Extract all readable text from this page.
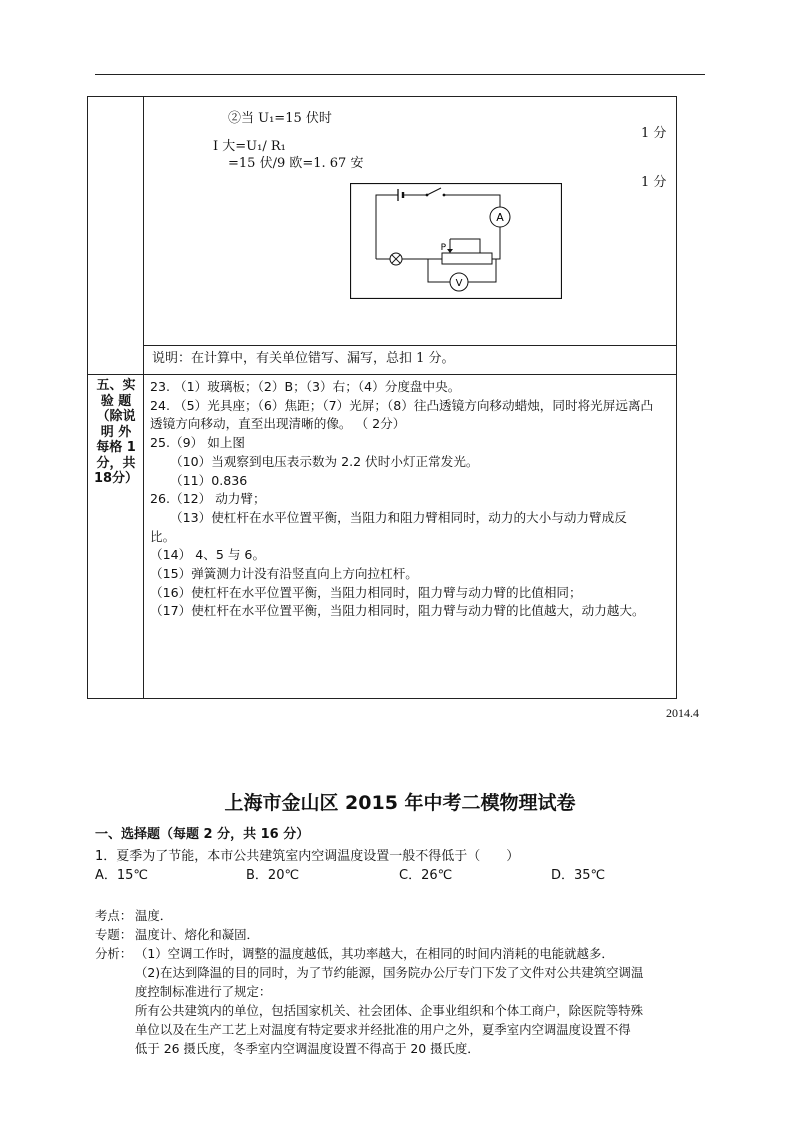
②当 U₁=15 伏时
I 大=U₁/ R₁
=15 伏/9 欧=1. 67 安
1 分
1 分
A
P
V
说明：在计算中，有关单位错写、漏写，总扣 1 分。
五、实
验 题
（除说
明 外
每格 1
分，共
18分）
23. （1）玻璃板；（2）B；（3）右；（4）分度盘中央。
24. （5）光具座；（6）焦距；（7）光屏；（8）往凸透镜方向移动蜡烛，同时将光屏远离凸
透镜方向移动，直至出现清晰的像。 （ 2分）
25.（9） 如上图
（10）当观察到电压表示数为 2.2 伏时小灯正常发光。
（11）0.836
26.（12） 动力臂；
（13）使杠杆在水平位置平衡，当阻力和阻力臂相同时，动力的大小与动力臂成反
比。
（14） 4、5 与 6。
（15）弹簧测力计没有沿竖直向上方向拉杠杆。
（16）使杠杆在水平位置平衡，当阻力相同时，阻力臂与动力臂的比值相同；
（17）使杠杆在水平位置平衡，当阻力相同时，阻力臂与动力臂的比值越大，动力越大。
2014.4
上海市金山区 2015 年中考二模物理试卷
一、选择题（每题 2 分，共 16 分）
1．夏季为了节能，本市公共建筑室内空调温度设置一般不得低于（　　）
A．15℃	B．20℃	C．26℃	D．35℃
考点： 温度．
专题： 温度计、熔化和凝固．
分析： （1）空调工作时，调整的温度越低，其功率越大，在相同的时间内消耗的电能就越多．
（2)在达到降温的目的同时，为了节约能源，国务院办公厅专门下发了文件对公共建筑空调温
度控制标准进行了规定：
所有公共建筑内的单位，包括国家机关、社会团体、企事业组织和个体工商户，除医院等特殊
单位以及在生产工艺上对温度有特定要求并经批准的用户之外，夏季室内空调温度设置不得
低于 26 摄氏度，冬季室内空调温度设置不得高于 20 摄氏度．
